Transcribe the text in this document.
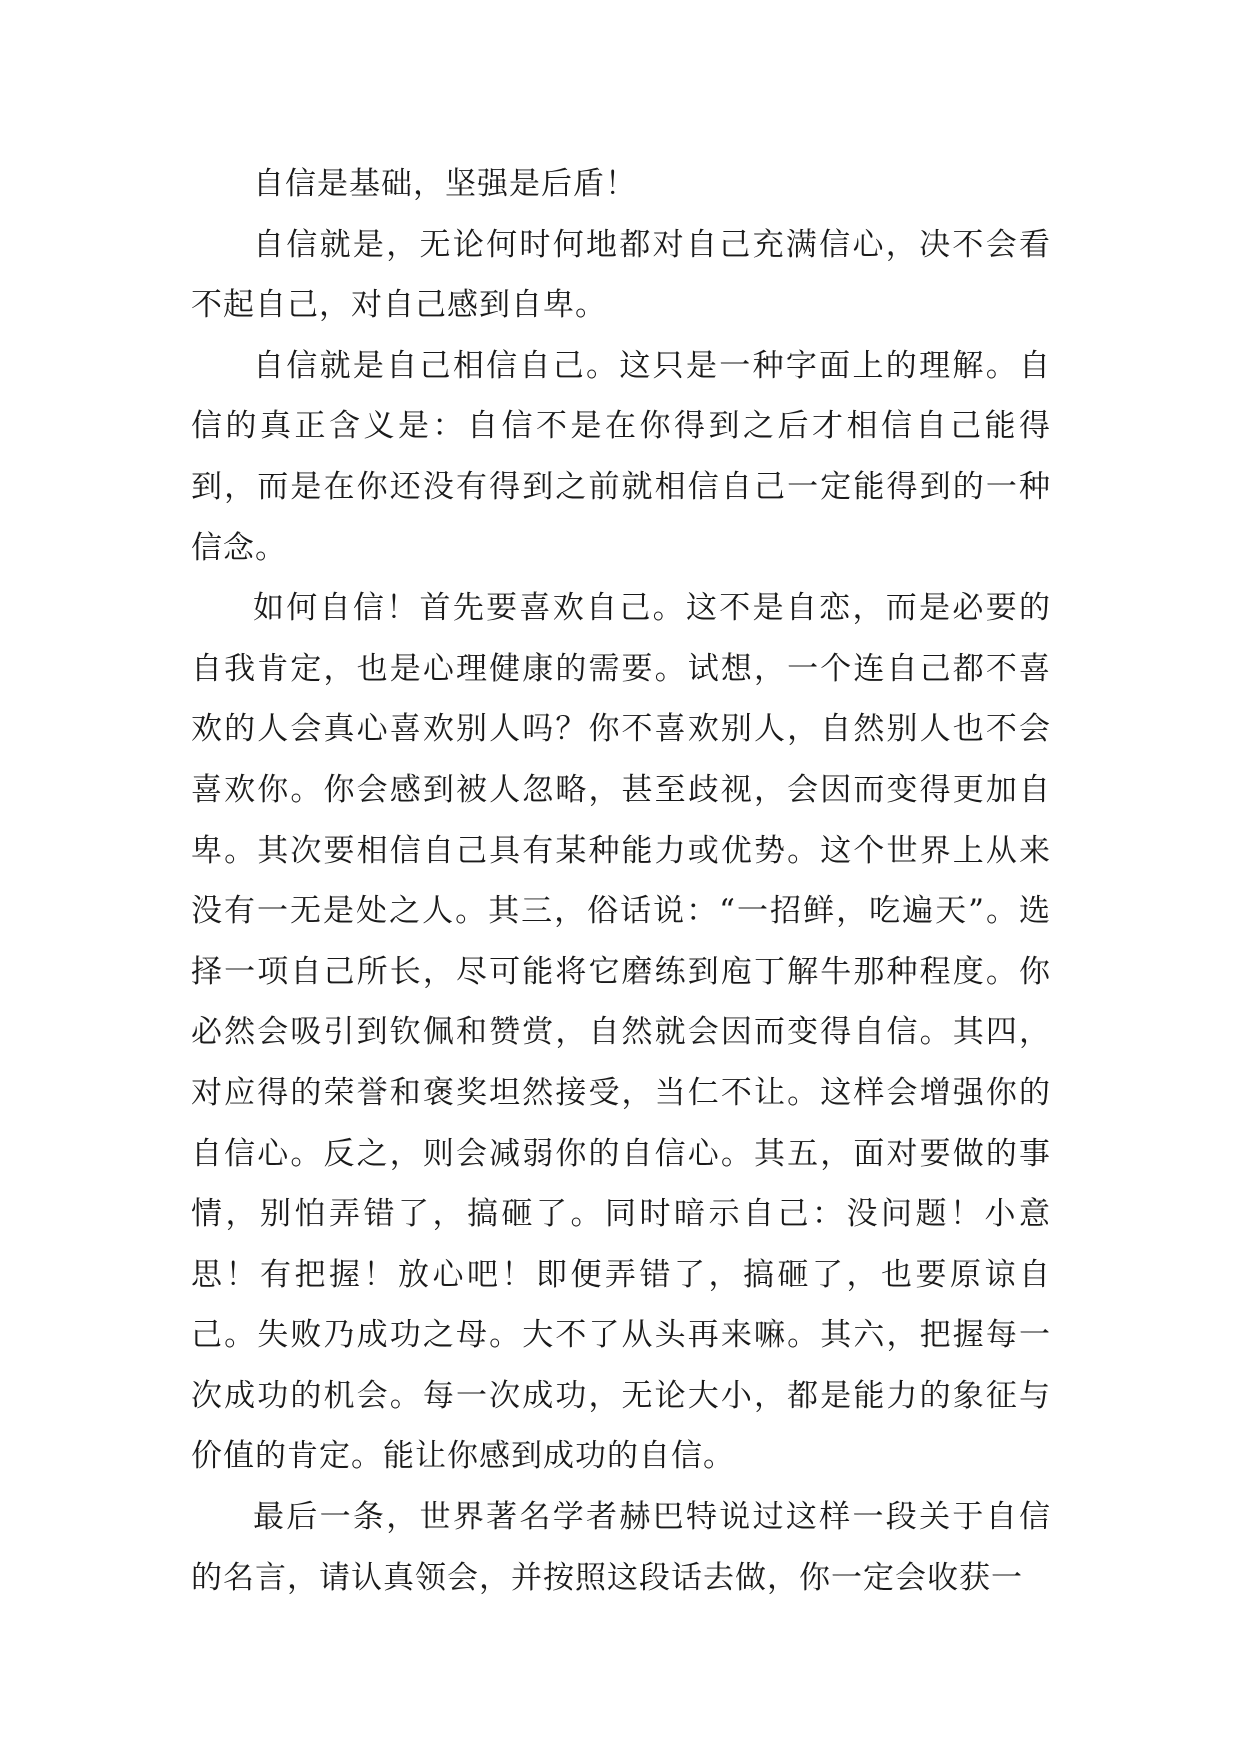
自信是基础，坚强是后盾！

自信就是，无论何时何地都对自己充满信心，决不会看不起自己，对自己感到自卑。

自信就是自己相信自己。这只是一种字面上的理解。自信的真正含义是：自信不是在你得到之后才相信自己能得到，而是在你还没有得到之前就相信自己一定能得到的一种信念。

如何自信！首先要喜欢自己。这不是自恋，而是必要的自我肯定，也是心理健康的需要。试想，一个连自己都不喜欢的人会真心喜欢别人吗？你不喜欢别人，自然别人也不会喜欢你。你会感到被人忽略，甚至歧视，会因而变得更加自卑。其次要相信自己具有某种能力或优势。这个世界上从来没有一无是处之人。其三，俗话说：“一招鲜，吃遍天”。选择一项自己所长，尽可能将它磨练到庖丁解牛那种程度。你必然会吸引到钦佩和赞赏，自然就会因而变得自信。其四，对应得的荣誉和褒奖坦然接受，当仁不让。这样会增强你的自信心。反之，则会减弱你的自信心。其五，面对要做的事情，别怕弄错了，搞砸了。同时暗示自己：没问题！小意思！有把握！放心吧！即便弄错了，搞砸了，也要原谅自己。失败乃成功之母。大不了从头再来嘛。其六，把握每一次成功的机会。每一次成功，无论大小，都是能力的象征与价值的肯定。能让你感到成功的自信。

最后一条，世界著名学者赫巴特说过这样一段关于自信的名言，请认真领会，并按照这段话去做，你一定会收获一
